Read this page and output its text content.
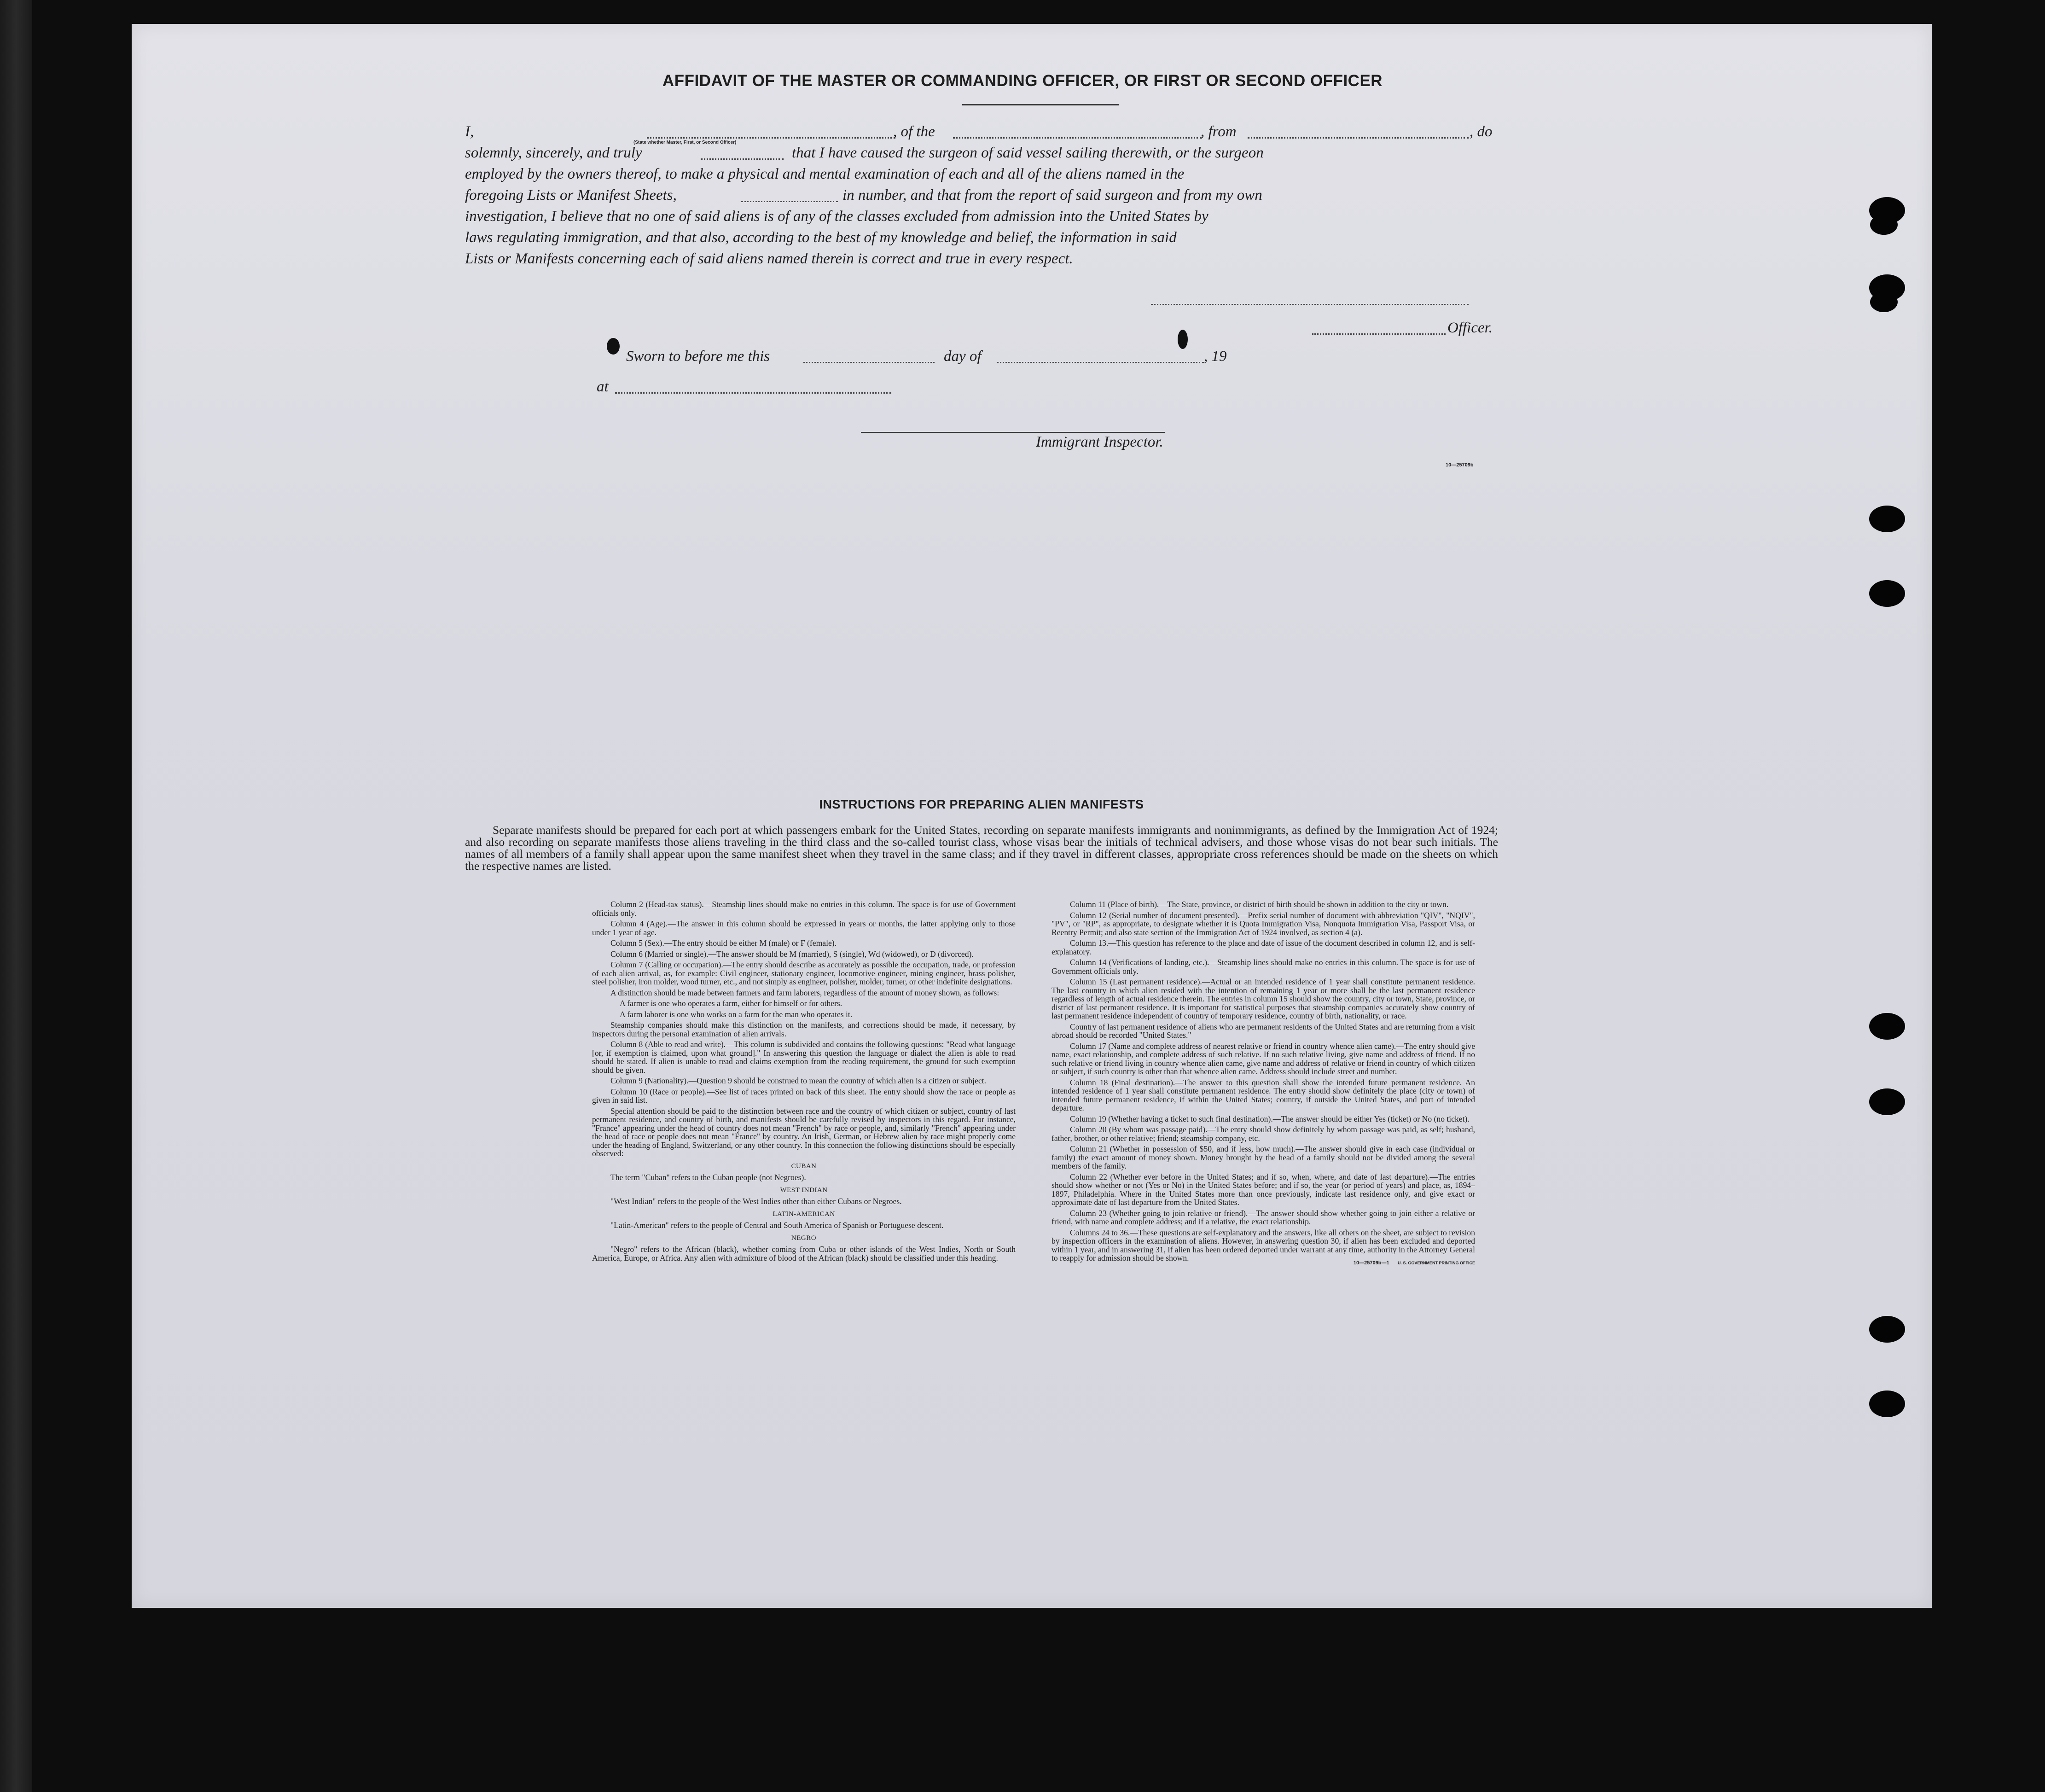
AFFIDAVIT OF THE MASTER OR COMMANDING OFFICER, OR FIRST OR SECOND OFFICER
I,	, of the	, from	, do
(State whether Master, First, or Second Officer)
solemnly, sincerely, and truly	that I have caused the surgeon of said vessel sailing therewith, or the surgeon
employed by the owners thereof, to make a physical and mental examination of each and all of the aliens named in the
foregoing Lists or Manifest Sheets,	in number, and that from the report of said surgeon and from my own
investigation, I believe that no one of said aliens is of any of the classes excluded from admission into the United States by
laws regulating immigration, and that also, according to the best of my knowledge and belief, the information in said
Lists or Manifests concerning each of said aliens named therein is correct and true in every respect.
Officer.
Sworn to before me this	day of	, 19
at
Immigrant Inspector.
10—25709b
INSTRUCTIONS FOR PREPARING ALIEN MANIFESTS
Separate manifests should be prepared for each port at which passengers embark for the United States, recording on separate manifests immigrants and nonimmigrants, as defined by the Immigration Act of 1924; and also recording on separate manifests those aliens traveling in the third class and the so-called tourist class, whose visas bear the initials of technical advisers, and those whose visas do not bear such initials. The names of all members of a family shall appear upon the same manifest sheet when they travel in the same class; and if they travel in different classes, appropriate cross references should be made on the sheets on which the respective names are listed.

Column 2 (Head-tax status).—Steamship lines should make no entries in this column. The space is for use of Government officials only.

Column 4 (Age).—The answer in this column should be expressed in years or months, the latter applying only to those under 1 year of age.

Column 5 (Sex).—The entry should be either M (male) or F (female).

Column 6 (Married or single).—The answer should be M (married), S (single), Wd (widowed), or D (divorced).

Column 7 (Calling or occupation).—The entry should describe as accurately as possible the occupation, trade, or profession of each alien arrival, as, for example: Civil engineer, stationary engineer, locomotive engineer, mining engineer, brass polisher, steel polisher, iron molder, wood turner, etc., and not simply as engineer, polisher, molder, turner, or other indefinite designations.

A distinction should be made between farmers and farm laborers, regardless of the amount of money shown, as follows:

A farmer is one who operates a farm, either for himself or for others.

A farm laborer is one who works on a farm for the man who operates it.

Steamship companies should make this distinction on the manifests, and corrections should be made, if necessary, by inspectors during the personal examination of alien arrivals.

Column 8 (Able to read and write).—This column is subdivided and contains the following questions: "Read what language [or, if exemption is claimed, upon what ground]." In answering this question the language or dialect the alien is able to read should be stated. If alien is unable to read and claims exemption from the reading requirement, the ground for such exemption should be given.

Column 9 (Nationality).—Question 9 should be construed to mean the country of which alien is a citizen or subject.

Column 10 (Race or people).—See list of races printed on back of this sheet. The entry should show the race or people as given in said list.

Special attention should be paid to the distinction between race and the country of which citizen or subject, country of last permanent residence, and country of birth, and manifests should be carefully revised by inspectors in this regard. For instance, "France" appearing under the head of country does not mean "French" by race or people, and, similarly "French" appearing under the head of race or people does not mean "France" by country. An Irish, German, or Hebrew alien by race might properly come under the heading of England, Switzerland, or any other country. In this connection the following distinctions should be especially observed:

CUBAN

The term "Cuban" refers to the Cuban people (not Negroes).

WEST INDIAN

"West Indian" refers to the people of the West Indies other than either Cubans or Negroes.

LATIN-AMERICAN

"Latin-American" refers to the people of Central and South America of Spanish or Portuguese descent.

NEGRO

"Negro" refers to the African (black), whether coming from Cuba or other islands of the West Indies, North or South America, Europe, or Africa. Any alien with admixture of blood of the African (black) should be classified under this heading.

Column 11 (Place of birth).—The State, province, or district of birth should be shown in addition to the city or town.

Column 12 (Serial number of document presented).—Prefix serial number of document with abbreviation "QIV", "NQIV", "PV", or "RP", as appropriate, to designate whether it is Quota Immigration Visa, Nonquota Immigration Visa, Passport Visa, or Reentry Permit; and also state section of the Immigration Act of 1924 involved, as section 4 (a).

Column 13.—This question has reference to the place and date of issue of the document described in column 12, and is self-explanatory.

Column 14 (Verifications of landing, etc.).—Steamship lines should make no entries in this column. The space is for use of Government officials only.

Column 15 (Last permanent residence).—Actual or an intended residence of 1 year shall constitute permanent residence. The last country in which alien resided with the intention of remaining 1 year or more shall be the last permanent residence regardless of length of actual residence therein. The entries in column 15 should show the country, city or town, State, province, or district of last permanent residence. It is important for statistical purposes that steamship companies accurately show country of last permanent residence independent of country of temporary residence, country of birth, nationality, or race.

Country of last permanent residence of aliens who are permanent residents of the United States and are returning from a visit abroad should be recorded "United States."

Column 17 (Name and complete address of nearest relative or friend in country whence alien came).—The entry should give name, exact relationship, and complete address of such relative. If no such relative living, give name and address of friend. If no such relative or friend living in country whence alien came, give name and address of relative or friend in country of which citizen or subject, if such country is other than that whence alien came. Address should include street and number.

Column 18 (Final destination).—The answer to this question shall show the intended future permanent residence. An intended residence of 1 year shall constitute permanent residence. The entry should show definitely the place (city or town) of intended future permanent residence, if within the United States; country, if outside the United States, and port of intended departure.

Column 19 (Whether having a ticket to such final destination).—The answer should be either Yes (ticket) or No (no ticket).

Column 20 (By whom was passage paid).—The entry should show definitely by whom passage was paid, as self; husband, father, brother, or other relative; friend; steamship company, etc.

Column 21 (Whether in possession of $50, and if less, how much).—The answer should give in each case (individual or family) the exact amount of money shown. Money brought by the head of a family should not be divided among the several members of the family.

Column 22 (Whether ever before in the United States; and if so, when, where, and date of last departure).—The entries should show whether or not (Yes or No) in the United States before; and if so, the year (or period of years) and place, as, 1894–1897, Philadelphia. Where in the United States more than once previously, indicate last residence only, and give exact or approximate date of last departure from the United States.

Column 23 (Whether going to join relative or friend).—The answer should show whether going to join either a relative or friend, with name and complete address; and if a relative, the exact relationship.

Columns 24 to 36.—These questions are self-explanatory and the answers, like all others on the sheet, are subject to revision by inspection officers in the examination of aliens. However, in answering question 30, if alien has been excluded and deported within 1 year, and in answering 31, if alien has been ordered deported under warrant at any time, authority in the Attorney General to reapply for admission should be shown.

10—25709b—1 U. S. GOVERNMENT PRINTING OFFICE
